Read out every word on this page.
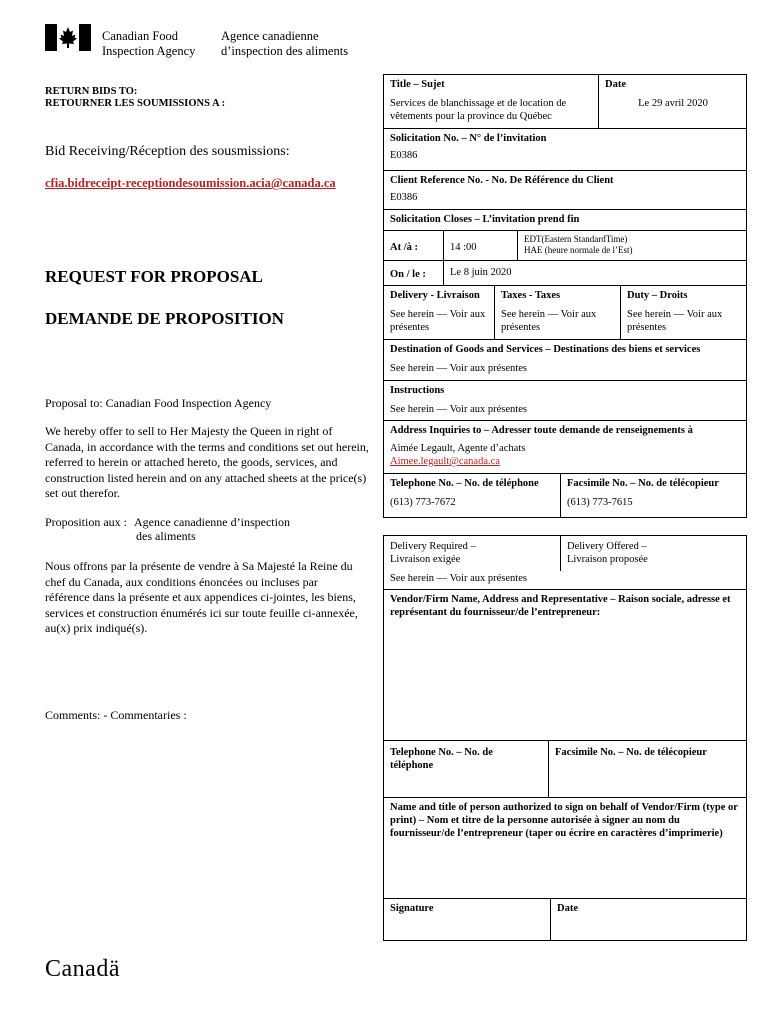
Canadian Food
Inspection Agency
Agence canadienne
d’inspection des aliments
RETURN BIDS TO:
RETOURNER LES SOUMISSIONS A :
Bid Receiving/Réception des sousmissions:
cfia.bidreceipt-receptiondesoumission.acia@canada.ca
REQUEST FOR PROPOSAL
DEMANDE DE PROPOSITION
Proposal to: Canadian Food Inspection Agency
We hereby offer to sell to Her Majesty the Queen in right of Canada, in accordance with the terms and conditions set out herein, referred to herein or attached hereto, the goods, services, and construction listed herein and on any attached sheets at the price(s) set out therefor.
Proposition aux : Agence canadienne d’inspection
des aliments
Nous offrons par la présente de vendre à Sa Majesté la Reine du chef du Canada, aux conditions énoncées ou incluses par référence dans la présente et aux appendices ci-jointes, les biens, services et construction énumérés ici sur toute feuille ci-annexée, au(x) prix indiqué(s).
Comments: - Commentaries :
Title – Sujet
Services de blanchissage et de location de vêtements pour la province du Québec
Date
Le 29 avril 2020
Solicitation No. – N° de l’invitation
E0386
Client Reference No. - No. De Référence du Client
E0386
Solicitation Closes – L’invitation prend fin
At /à :	14 :00
EDT(Eastern StandardTime)
HAE (heure normale de l’Est)
On / le :	Le 8 juin 2020
Delivery - Livraison
See herein — Voir aux présentes
Taxes - Taxes
See herein — Voir aux présentes
Duty – Droits
See herein — Voir aux présentes
Destination of Goods and Services – Destinations des biens et services
See herein — Voir aux présentes
Instructions
See herein — Voir aux présentes
Address Inquiries to – Adresser toute demande de renseignements à
Aimée Legault, Agente d’achats
Aimee.legault@canada.ca
Telephone No. – No. de téléphone
(613) 773-7672
Facsimile No. – No. de télécopieur
(613) 773-7615
Delivery Required – Livraison exigée
Delivery Offered – Livraison proposée
See herein — Voir aux présentes
Vendor/Firm Name, Address and Representative – Raison sociale, adresse et représentant du fournisseur/de l’entrepreneur:
Telephone No. – No. de téléphone
Facsimile No. – No. de télécopieur
Name and title of person authorized to sign on behalf of Vendor/Firm (type or print) – Nom et titre de la personne autorisée à signer au nom du fournisseur/de l’entrepreneur (taper ou écrire en caractères d’imprimerie)
Signature	Date
Canadä
